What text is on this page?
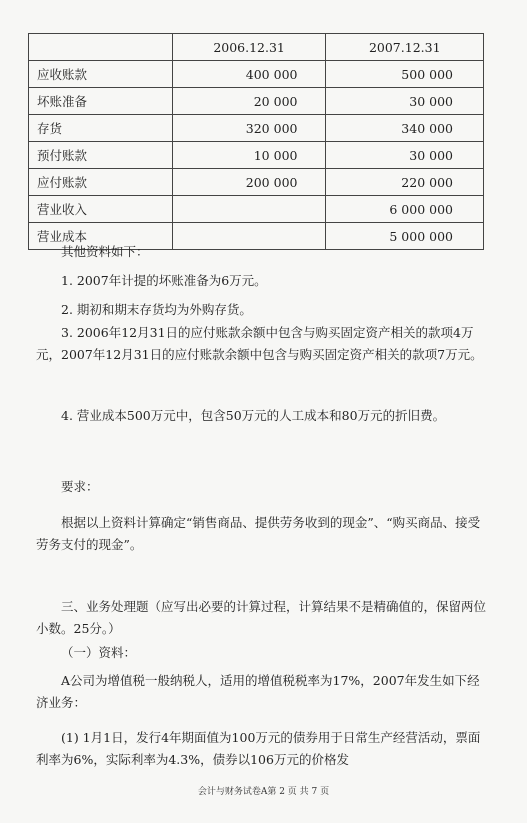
	2006.12.31	2007.12.31
应收账款	400 000	500 000
坏账准备	20 000	30 000
存货	320 000	340 000
预付账款	10 000	30 000
应付账款	200 000	220 000
营业收入		6 000 000
营业成本		5 000 000

其他资料如下：

1. 2007年计提的坏账准备为6万元。

2. 期初和期末存货均为外购存货。

3. 2006年12月31日的应付账款余额中包含与购买固定资产相关的款项4万元，2007年12月31日的应付账款余额中包含与购买固定资产相关的款项7万元。

4. 营业成本500万元中，包含50万元的人工成本和80万元的折旧费。

要求：

根据以上资料计算确定“销售商品、提供劳务收到的现金”、“购买商品、接受劳务支付的现金”。

三、业务处理题（应写出必要的计算过程，计算结果不是精确值的，保留两位小数。25分。）

（一）资料：

A公司为增值税一般纳税人，适用的增值税税率为17%，2007年发生如下经济业务：

(1) 1月1日，发行4年期面值为100万元的债券用于日常生产经营活动，票面利率为6%，实际利率为4.3%，债券以106万元的价格发

会计与财务试卷A第 2 页 共 7 页
